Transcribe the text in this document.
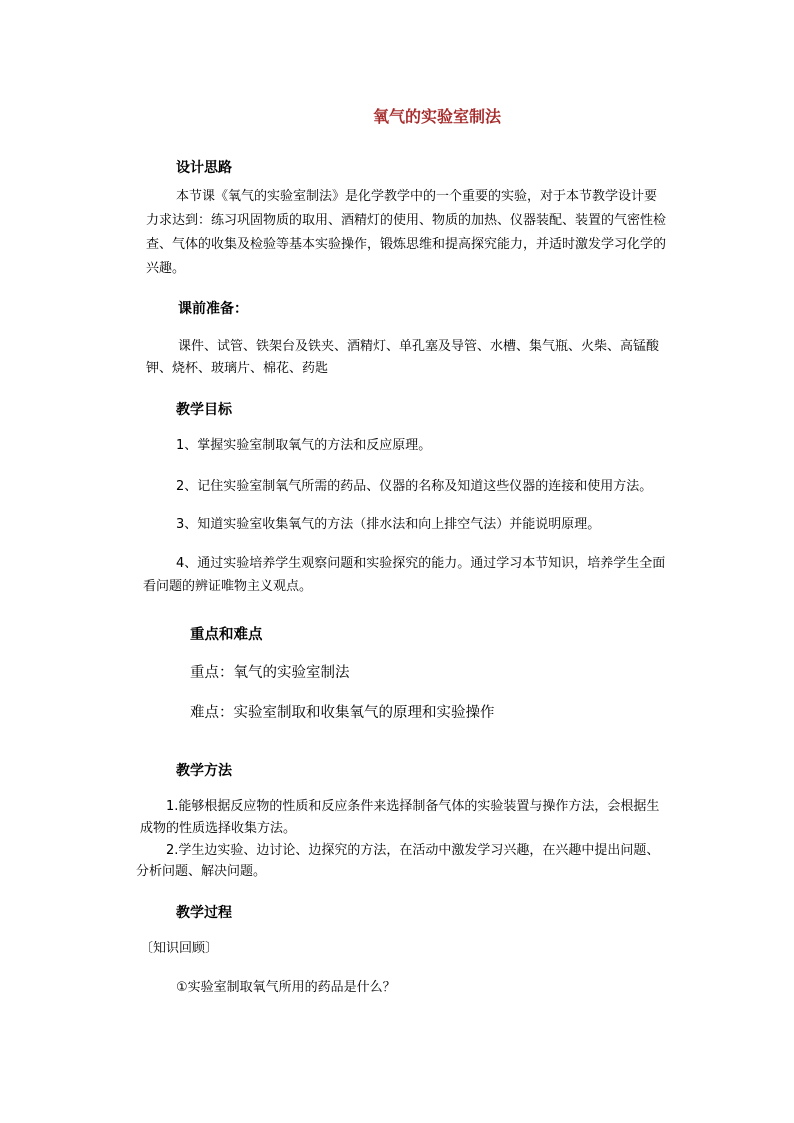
氧气的实验室制法
设计思路
本节课《氧气的实验室制法》是化学教学中的一个重要的实验，对于本节教学设计要
力求达到：练习巩固物质的取用、酒精灯的使用、物质的加热、仪器装配、装置的气密性检
查、气体的收集及检验等基本实验操作，锻炼思维和提高探究能力，并适时激发学习化学的
兴趣。
课前准备：
课件、试管、铁架台及铁夹、酒精灯、单孔塞及导管、水槽、集气瓶、火柴、高锰酸
钾、烧杯、玻璃片、棉花、药匙
教学目标
1、掌握实验室制取氧气的方法和反应原理。
2、记住实验室制氧气所需的药品、仪器的名称及知道这些仪器的连接和使用方法。
3、知道实验室收集氧气的方法（排水法和向上排空气法）并能说明原理。
4、通过实验培养学生观察问题和实验探究的能力。通过学习本节知识，培养学生全面
看问题的辨证唯物主义观点。
重点和难点
重点：氧气的实验室制法
难点：实验室制取和收集氧气的原理和实验操作
教学方法
1.能够根据反应物的性质和反应条件来选择制备气体的实验装置与操作方法，会根据生
成物的性质选择收集方法。
2.学生边实验、边讨论、边探究的方法，在活动中激发学习兴趣，在兴趣中提出问题、
分析问题、解决问题。
教学过程
〔知识回顾〕
①实验室制取氧气所用的药品是什么？
